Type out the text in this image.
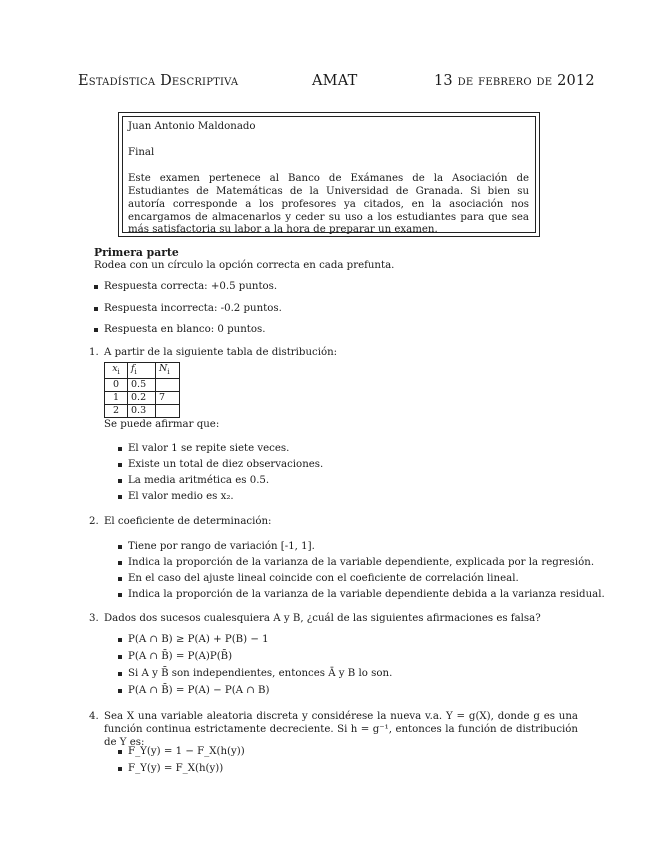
Estadística Descriptiva	AMAT	13 de febrero de 2012

Juan Antonio Maldonado

Final

Este examen pertenece al Banco de Exámanes de la Asociación de Estudiantes de Matemáticas de la Universidad de Granada. Si bien su autoría corresponde a los profesores ya citados, en la asociación nos encargamos de almacenarlos y ceder su uso a los estudiantes para que sea más satisfactoria su labor a la hora de preparar un examen.

Primera parte
Rodea con un círculo la opción correcta en cada prefunta.
Respuesta correcta: +0.5 puntos.
Respuesta incorrecta: -0.2 puntos.
Respuesta en blanco: 0 puntos.
1. A partir de la siguiente tabla de distribución:
$x_i$	$f_i$	$N_i$
0	0.5	
1	0.2	7
2	0.3	
Se puede afirmar que:
El valor 1 se repite siete veces.
Existe un total de diez observaciones.
La media aritmética es 0.5.
El valor medio es x₂.
2. El coeficiente de determinación:
Tiene por rango de variación [-1, 1].
Indica la proporción de la varianza de la variable dependiente, explicada por la regresión.
En el caso del ajuste lineal coincide con el coeficiente de correlación lineal.
Indica la proporción de la varianza de la variable dependiente debida a la varianza residual.
3. Dados dos sucesos cualesquiera A y B, ¿cuál de las siguientes afirmaciones es falsa?
P(A ∩ B) ≥ P(A) + P(B) − 1
P(A ∩ B̄) = P(A)P(B̄)
Si A y B̄ son independientes, entonces Ā y B lo son.
P(A ∩ B̄) = P(A) − P(A ∩ B)
4. Sea X una variable aleatoria discreta y considérese la nueva v.a. Y = g(X), donde g es una función continua estrictamente decreciente. Si h = g⁻¹, entonces la función de distribución de Y es:
F_Y(y) = 1 − F_X(h(y))
F_Y(y) = F_X(h(y))
